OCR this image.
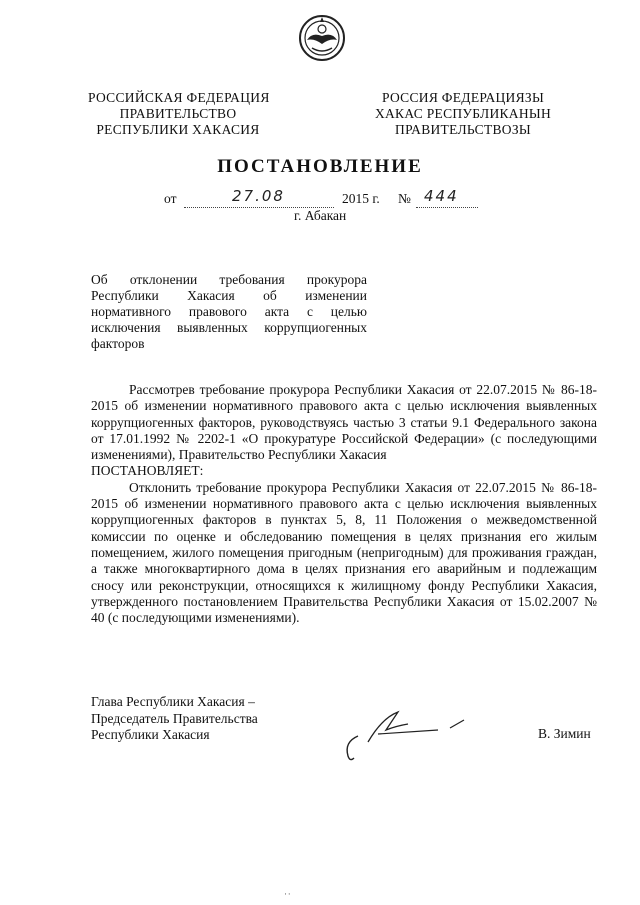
РОССИЙСКАЯ ФЕДЕРАЦИЯ
ПРАВИТЕЛЬСТВО
РЕСПУБЛИКИ ХАКАСИЯ
РОССИЯ ФЕДЕРАЦИЯЗЫ
ХАКАС РЕСПУБЛИКАНЫН
ПРАВИТЕЛЬСТВОЗЫ
ПОСТАНОВЛЕНИЕ
от	27.08	2015 г. № 444
г. Абакан

Об отклонении требования прокурора Республики Хакасия об изменении нормативного правового акта с целью исключения выявленных коррупциогенных факторов

Рассмотрев требование прокурора Республики Хакасия от 22.07.2015 № 86-18-2015 об изменении нормативного правового акта с целью исключения выявленных коррупциогенных факторов, руководствуясь частью 3 статьи 9.1 Федерального закона от 17.01.1992 № 2202-1 «О прокуратуре Российской Федерации» (с последующими изменениями), Правительство Республики Хакасия

ПОСТАНОВЛЯЕТ:

Отклонить требование прокурора Республики Хакасия от 22.07.2015 № 86-18-2015 об изменении нормативного правового акта с целью исключения выявленных коррупциогенных факторов в пунктах 5, 8, 11 Положения о межведомственной комиссии по оценке и обследованию помещения в целях признания его жилым помещением, жилого помещения пригодным (непригодным) для проживания граждан, а также многоквартирного дома в целях признания его аварийным и подлежащим сносу или реконструкции, относящихся к жилищному фонду Республики Хакасия, утвержденного постановлением Правительства Республики Хакасия от 15.02.2007 № 40 (с последующими изменениями).

Глава Республики Хакасия –
Председатель Правительства
Республики Хакасия	В. Зимин
· ·
